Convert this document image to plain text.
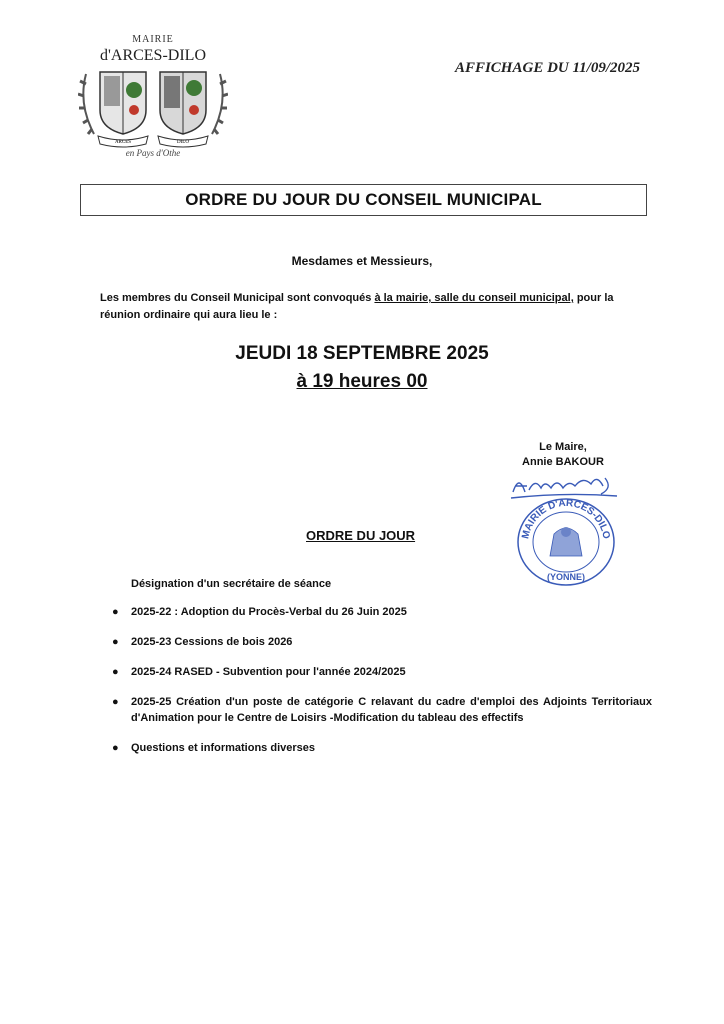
MAIRIE
d'ARCES-DILO
ARCES	DILO
en Pays d'Othe
AFFICHAGE DU 11/09/2025
ORDRE DU JOUR DU CONSEIL MUNICIPAL
Mesdames et Messieurs,
Les membres du Conseil Municipal sont convoqués à la mairie, salle du conseil municipal, pour la réunion ordinaire qui aura lieu le :
JEUDI 18 SEPTEMBRE 2025
à 19 heures 00
Le Maire,
Annie BAKOUR
MAIRIE D'ARCES-DILO
(YONNE)
ORDRE DU JOUR
Désignation d'un secrétaire de séance
● 2025-22 : Adoption du Procès-Verbal du 26 Juin 2025
● 2025-23 Cessions de bois 2026
● 2025-24 RASED - Subvention pour l'année 2024/2025
● 2025-25 Création d'un poste de catégorie C relavant du cadre d'emploi des Adjoints Territoriaux d'Animation pour le Centre de Loisirs -Modification du tableau des effectifs
● Questions et informations diverses
